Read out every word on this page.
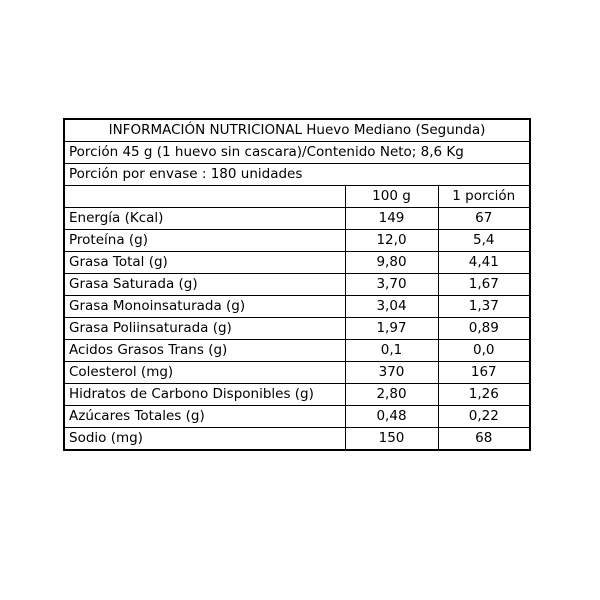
INFORMACIÓN NUTRICIONAL Huevo Mediano (Segunda)		
Porción 45 g (1 huevo sin cascara)/Contenido Neto; 8,6 Kg		
Porción por envase : 180 unidades		
	100 g	1 porción
Energía (Kcal)	149	67
Proteína (g)	12,0	5,4
Grasa Total (g)	9,80	4,41
Grasa Saturada (g)	3,70	1,67
Grasa Monoinsaturada (g)	3,04	1,37
Grasa Poliinsaturada (g)	1,97	0,89
Acidos Grasos Trans (g)	0,1	0,0
Colesterol (mg)	370	167
Hidratos de Carbono Disponibles (g)	2,80	1,26
Azúcares Totales (g)	0,48	0,22
Sodio (mg)	150	68
